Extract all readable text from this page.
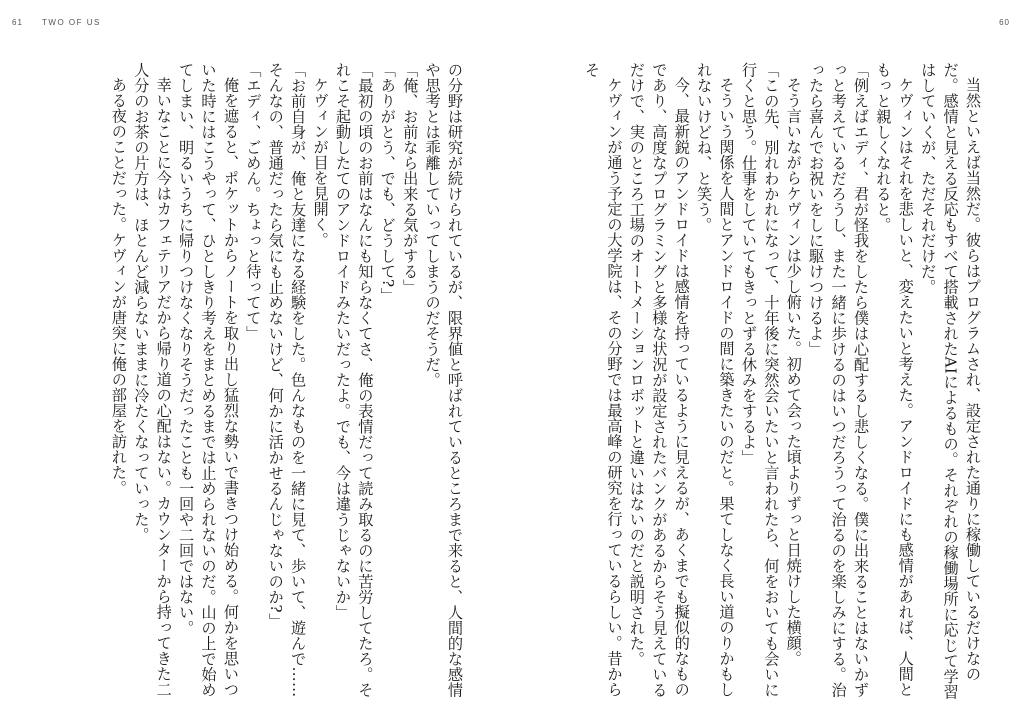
61 TWO OF US

の分野は研究が続けられているが、限界値と呼ばれているところまで来ると、人間的な感情や思考とは乖離していってしまうのだそうだ。

「俺、お前なら出来る気がする」

「ありがとう、でも、どうして?」

「最初の頃のお前はなんにも知らなくてさ、俺の表情だって読み取るのに苦労してたろ。それこそ起動したてのアンドロイドみたいだったよ。でも、今は違うじゃないか」

ケヴィンが目を見開く。

「お前自身が、俺と友達になる経験をした。色んなものを一緒に見て、歩いて、遊んで……そんなの、普通だったら気にも止めないけど、何かに活かせるんじゃないのか?」

「エディ、ごめん。ちょっと待ってて」

俺を遮ると、ポケットからノートを取り出し猛烈な勢いで書きつけ始める。何かを思いついた時にはこうやって、ひとしきり考えをまとめるまでは止められないのだ。山の上で始めてしまい、明るいうちに帰りつけなくなりそうだったことも一回や二回ではない。

幸いなことに今はカフェテリアだから帰り道の心配はない。カウンターから持ってきた二人分のお茶の片方は、ほとんど減らないままに冷たくなっていった。

ある夜のことだった。ケヴィンが唐突に俺の部屋を訪れた。

60

当然といえば当然だ。彼らはプログラムされ、設定された通りに稼働しているだけなのだ。感情と見える反応もすべて搭載されたAIによるもの。それぞれの稼働場所に応じて学習はしていくが、ただそれだけだ。

ケヴィンはそれを悲しいと、変えたいと考えた。アンドロイドにも感情があれば、人間ともっと親しくなれると。

「例えばエディ、君が怪我をしたら僕は心配するし悲しくなる。僕に出来ることはないかずっと考えているだろうし、また一緒に歩けるのはいつだろうって治るのを楽しみにする。治ったら喜んでお祝いをしに駆けつけるよ」

そう言いながらケヴィンは少し俯いた。初めて会った頃よりずっと日焼けした横顔。

「この先、別れわかれになって、十年後に突然会いたいと言われたら、何をおいても会いに行くと思う。仕事をしていてもきっとずる休みをするよ」

そういう関係を人間とアンドロイドの間に築きたいのだと。果てしなく長い道のりかもしれないけどね、と笑う。

今、最新鋭のアンドロイドは感情を持っているように見えるが、あくまでも擬似的なものであり、高度なプログラミングと多様な状況が設定されたバンクがあるからそう見えているだけで、実のところ工場のオートメーションロボットと違いはないのだと説明された。

ケヴィンが通う予定の大学院は、その分野では最高峰の研究を行っているらしい。昔からそ
